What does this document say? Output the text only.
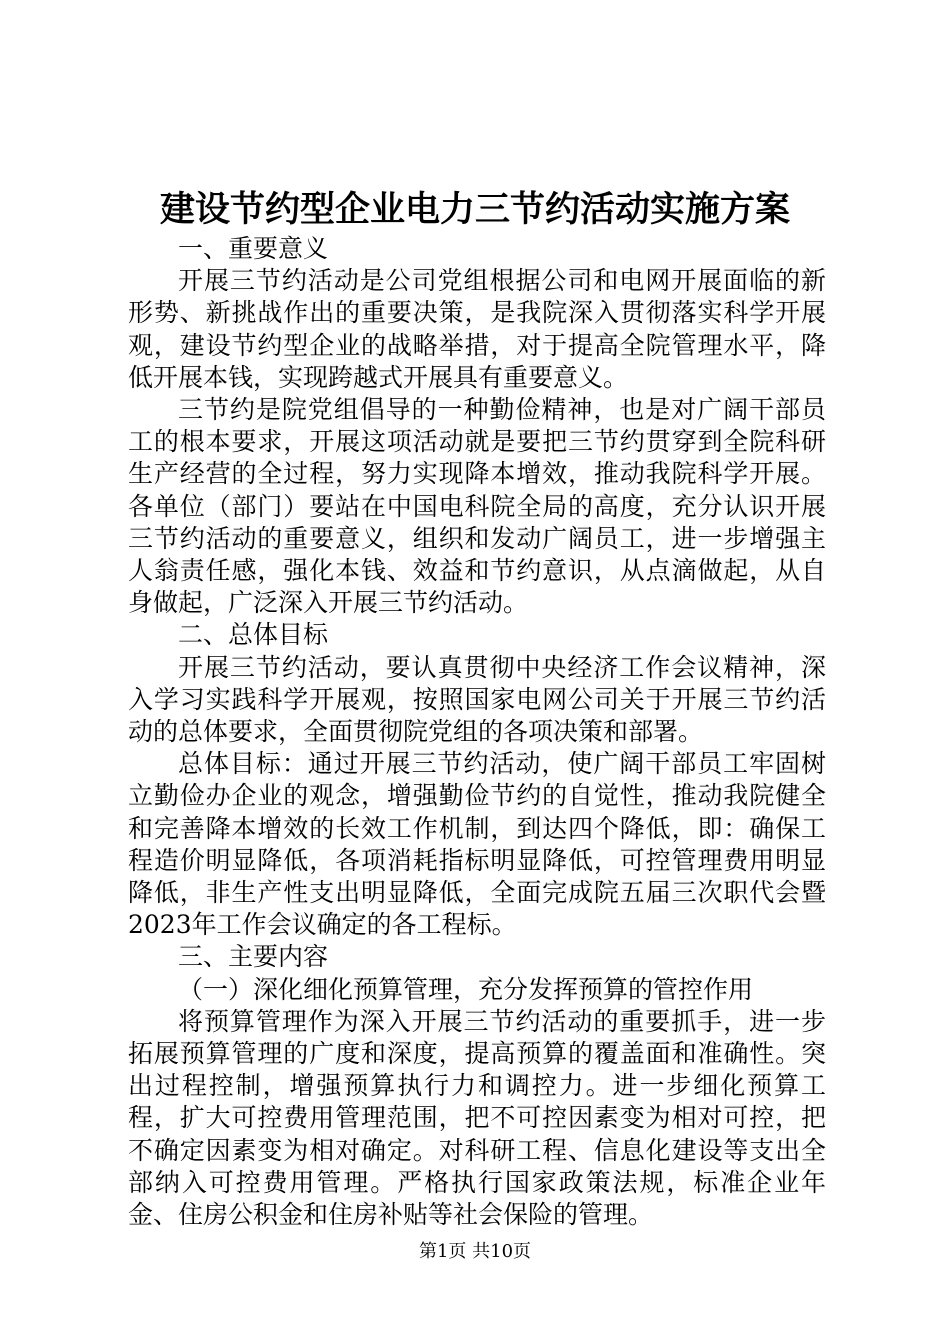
建设节约型企业电力三节约活动实施方案

一、重要意义

开展三节约活动是公司党组根据公司和电网开展面临的新形势、新挑战作出的重要决策，是我院深入贯彻落实科学开展观，建设节约型企业的战略举措，对于提高全院管理水平，降低开展本钱，实现跨越式开展具有重要意义。

三节约是院党组倡导的一种勤俭精神，也是对广阔干部员工的根本要求，开展这项活动就是要把三节约贯穿到全院科研生产经营的全过程，努力实现降本增效，推动我院科学开展。各单位（部门）要站在中国电科院全局的高度，充分认识开展三节约活动的重要意义，组织和发动广阔员工，进一步增强主人翁责任感，强化本钱、效益和节约意识，从点滴做起，从自身做起，广泛深入开展三节约活动。

二、总体目标

开展三节约活动，要认真贯彻中央经济工作会议精神，深入学习实践科学开展观，按照国家电网公司关于开展三节约活动的总体要求，全面贯彻院党组的各项决策和部署。

总体目标：通过开展三节约活动，使广阔干部员工牢固树立勤俭办企业的观念，增强勤俭节约的自觉性，推动我院健全和完善降本增效的长效工作机制，到达四个降低，即：确保工程造价明显降低，各项消耗指标明显降低，可控管理费用明显降低，非生产性支出明显降低，全面完成院五届三次职代会暨2023年工作会议确定的各工程标。

三、主要内容

（一）深化细化预算管理，充分发挥预算的管控作用

将预算管理作为深入开展三节约活动的重要抓手，进一步拓展预算管理的广度和深度，提高预算的覆盖面和准确性。突出过程控制，增强预算执行力和调控力。进一步细化预算工程，扩大可控费用管理范围，把不可控因素变为相对可控，把不确定因素变为相对确定。对科研工程、信息化建设等支出全部纳入可控费用管理。严格执行国家政策法规，标准企业年金、住房公积金和住房补贴等社会保险的管理。

第1页 共10页
